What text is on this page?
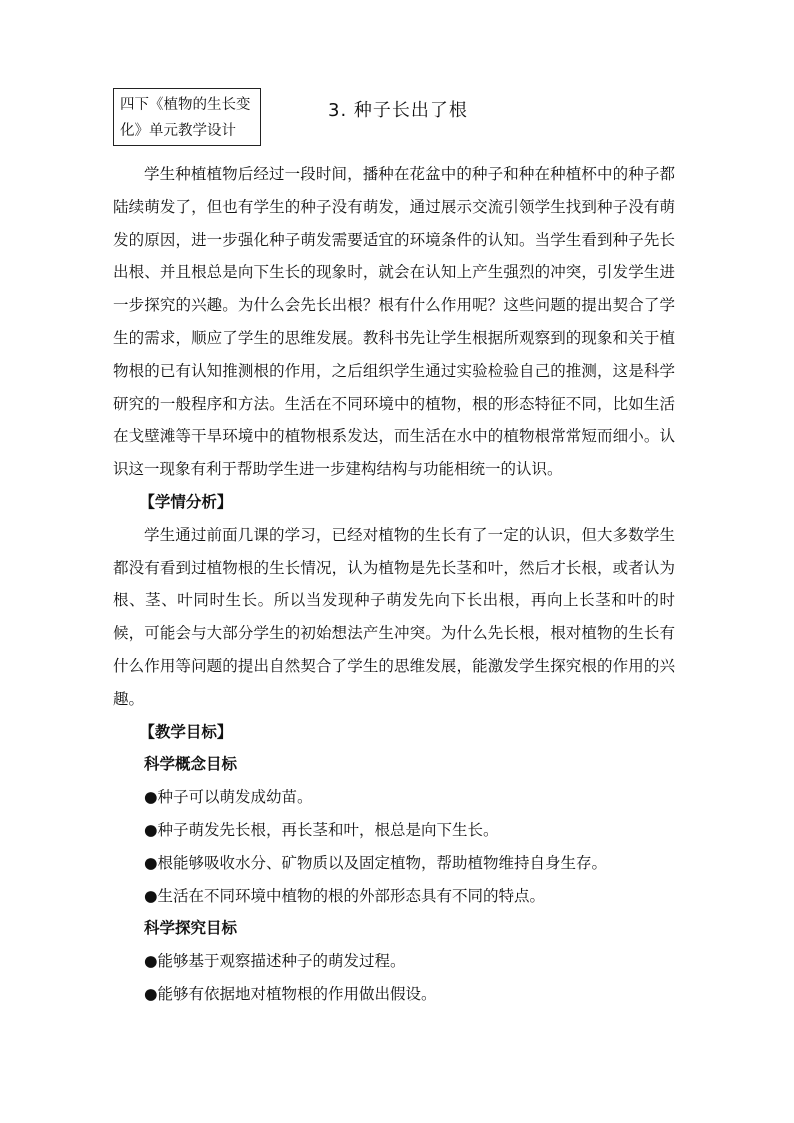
四下《植物的生长变化》单元教学设计
3. 种子长出了根

学生种植植物后经过一段时间，播种在花盆中的种子和种在种植杯中的种子都陆续萌发了，但也有学生的种子没有萌发，通过展示交流引领学生找到种子没有萌发的原因，进一步强化种子萌发需要适宜的环境条件的认知。当学生看到种子先长出根、并且根总是向下生长的现象时，就会在认知上产生强烈的冲突，引发学生进一步探究的兴趣。为什么会先长出根？根有什么作用呢？这些问题的提出契合了学生的需求，顺应了学生的思维发展。教科书先让学生根据所观察到的现象和关于植物根的已有认知推测根的作用，之后组织学生通过实验检验自己的推测，这是科学研究的一般程序和方法。生活在不同环境中的植物，根的形态特征不同，比如生活在戈壁滩等干旱环境中的植物根系发达，而生活在水中的植物根常常短而细小。认识这一现象有利于帮助学生进一步建构结构与功能相统一的认识。

【学情分析】

学生通过前面几课的学习，已经对植物的生长有了一定的认识，但大多数学生都没有看到过植物根的生长情况，认为植物是先长茎和叶，然后才长根，或者认为根、茎、叶同时生长。所以当发现种子萌发先向下长出根，再向上长茎和叶的时候，可能会与大部分学生的初始想法产生冲突。为什么先长根，根对植物的生长有什么作用等问题的提出自然契合了学生的思维发展，能激发学生探究根的作用的兴趣。

【教学目标】

科学概念目标

●种子可以萌发成幼苗。

●种子萌发先长根，再长茎和叶，根总是向下生长。

●根能够吸收水分、矿物质以及固定植物，帮助植物维持自身生存。

●生活在不同环境中植物的根的外部形态具有不同的特点。

科学探究目标

●能够基于观察描述种子的萌发过程。

●能够有依据地对植物根的作用做出假设。
